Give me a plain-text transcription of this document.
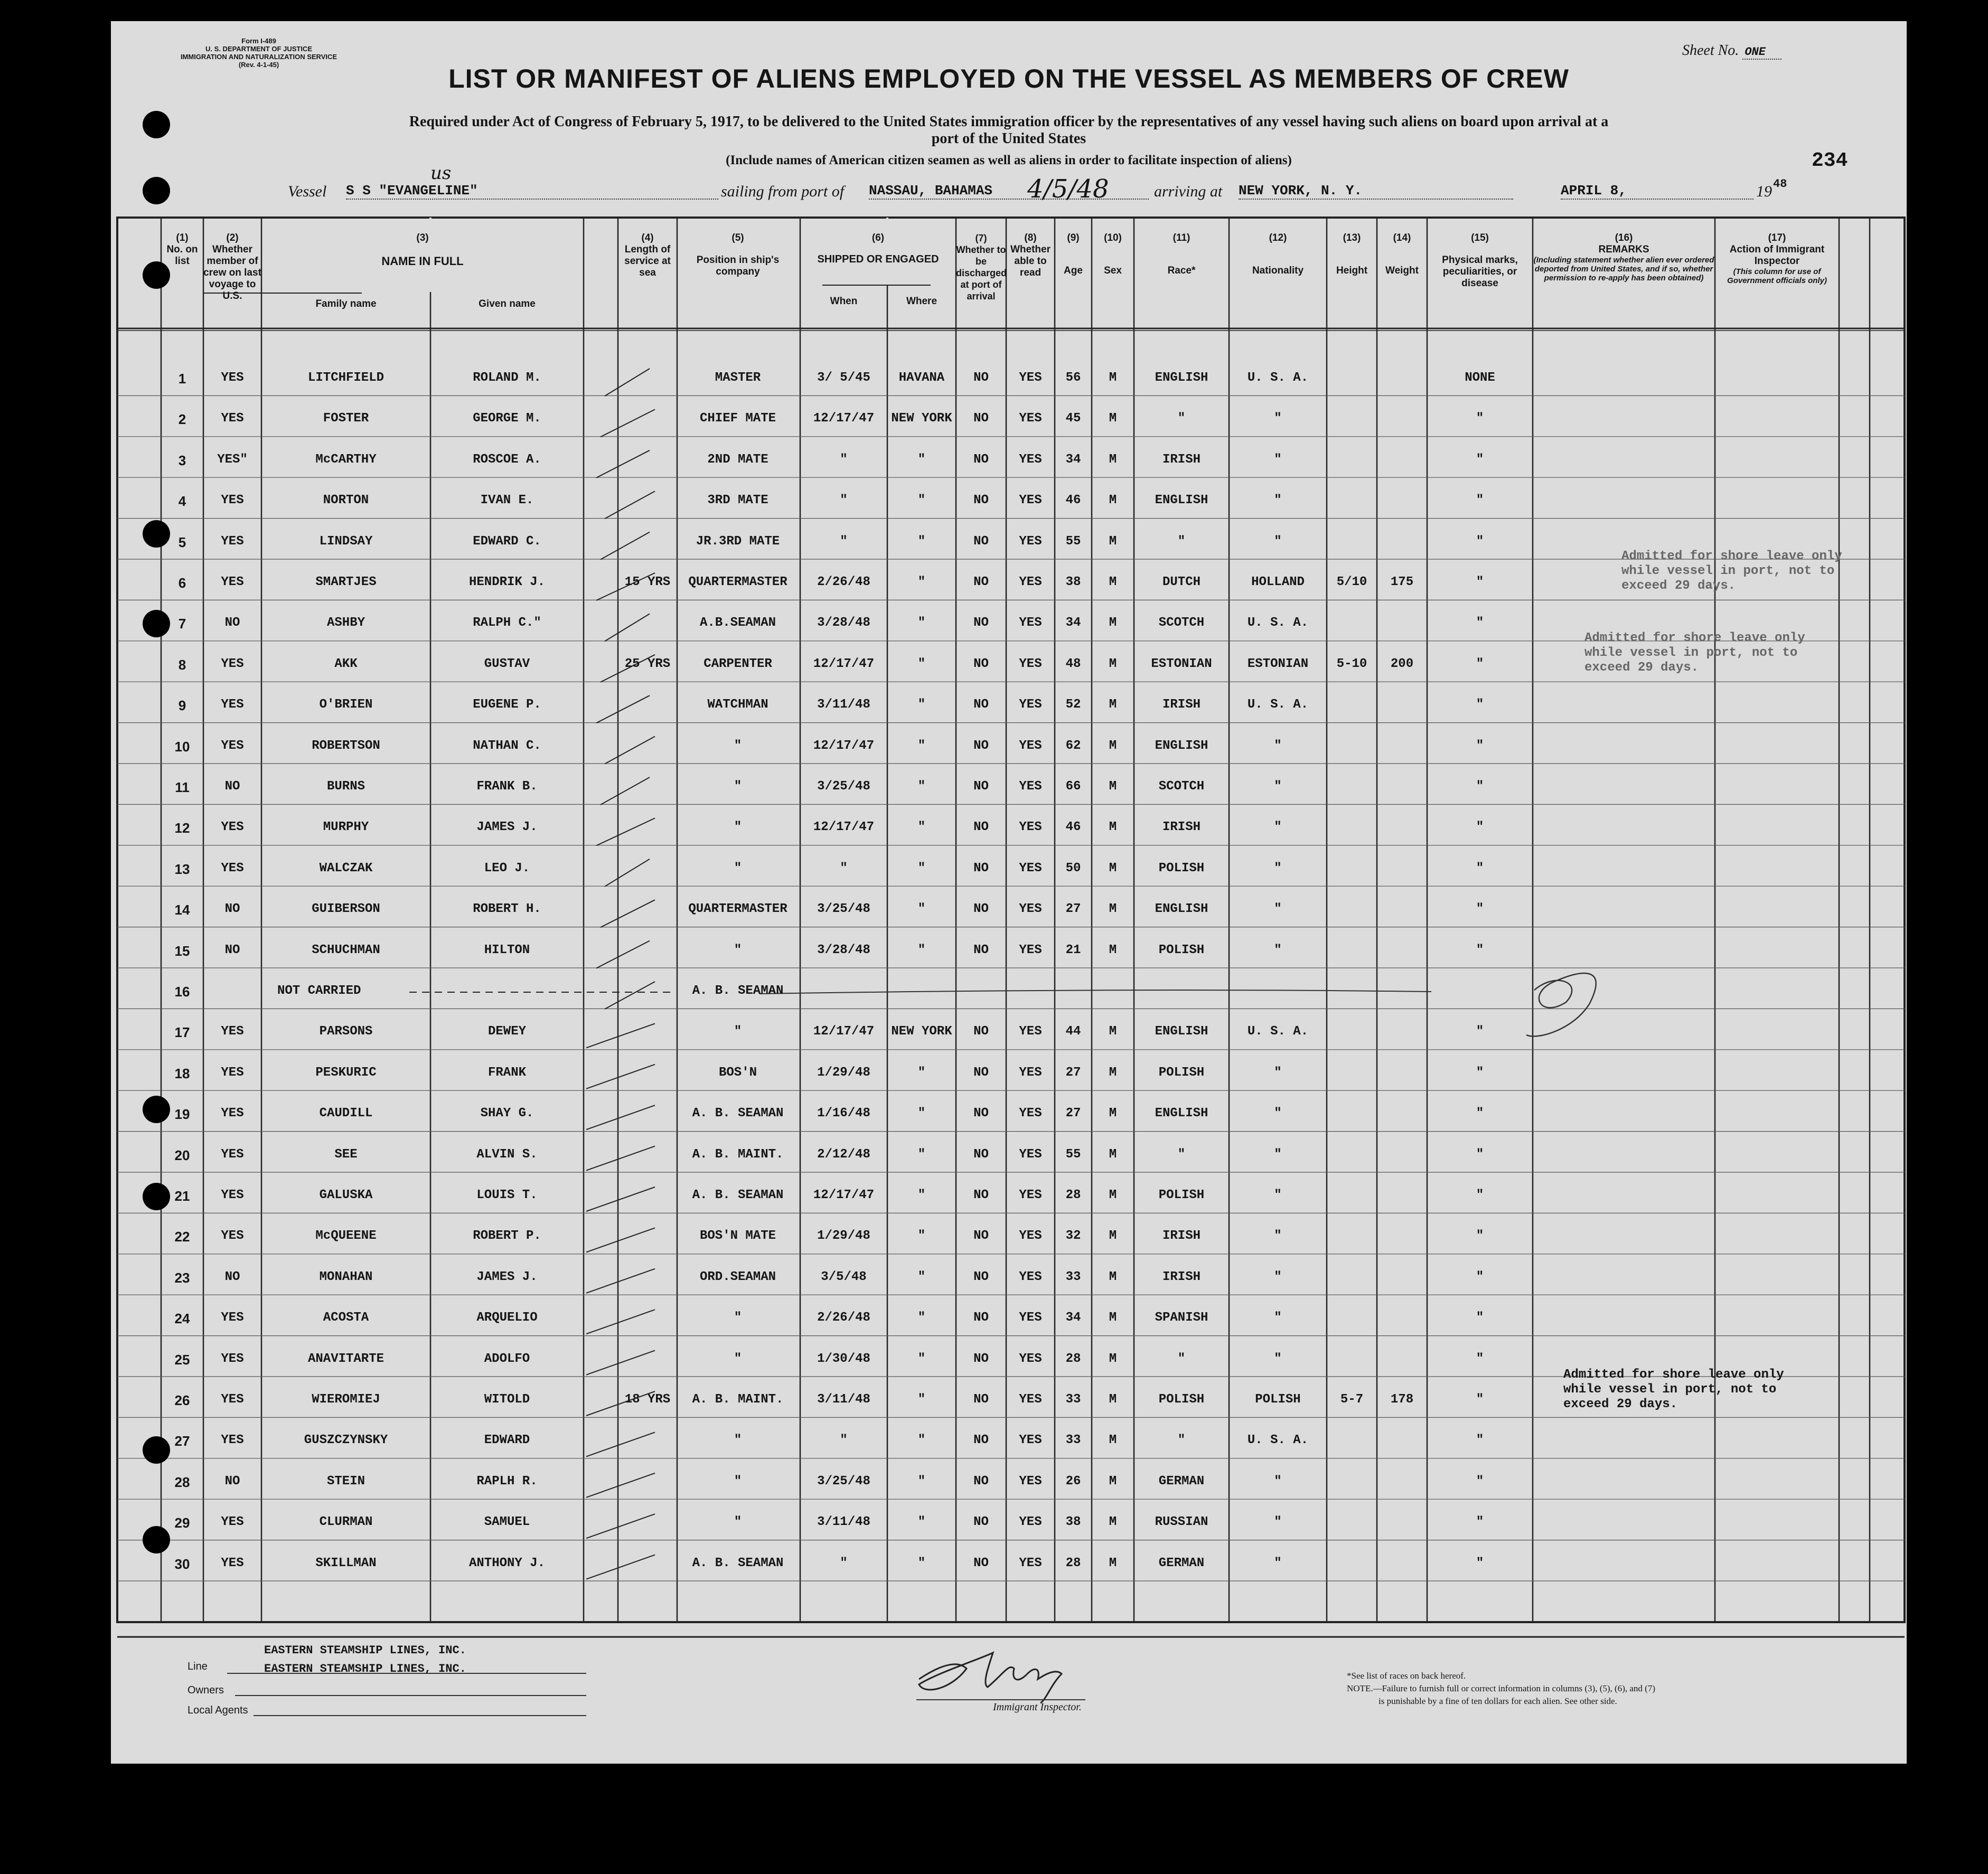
Form I-489
U. S. DEPARTMENT OF JUSTICE
IMMIGRATION AND NATURALIZATION SERVICE
(Rev. 4-1-45)
Sheet No. ONE
LIST OR MANIFEST OF ALIENS EMPLOYED ON THE VESSEL AS MEMBERS OF CREW
Required under Act of Congress of February 5, 1917, to be delivered to the United States immigration officer by the representatives of any vessel having such aliens on board upon arrival at a
port of the United States
(Include names of American citizen seamen as well as aliens in order to facilitate inspection of aliens)	234
Vessel
us
S S "EVANGELINE"	sailing from port of NASSAU, BAHAMAS	4/5/48	arriving at NEW YORK, N. Y.	APRIL 8,	19 48
(1)
No. on list
(2)
Whether member of crew on last voyage to U.S.
(3)
NAME IN FULL
Family name	Given name
(4)
Length of service at sea
(5)
Position in ship's company
(6)
SHIPPED OR ENGAGED
When	Where
(7)
Whether to be discharged at port of arrival
(8)
Whether able to read
(9)
Age
(10)
Sex
(11)
Race*
(12)
Nationality
(13)
Height
(14)
Weight
(15)
Physical marks, peculiarities, or disease
(16)
REMARKS
(Including statement whether alien ever ordered deported from United States, and if so, whether permission to re-apply has been obtained)
(17)
Action of Immigrant Inspector
(This column for use of Government officials only)
1	YES	LITCHFIELD	ROLAND M.	MASTER	3/ 5/45	HAVANA	NO	YES	56	M	ENGLISH	U. S. A.	NONE
2	YES	FOSTER	GEORGE M.	CHIEF MATE	12/17/47	NEW YORK	NO	YES	45	M	"	"	"
3	YES"	McCARTHY	ROSCOE A.	2ND MATE	"	"	NO	YES	34	M	IRISH	"	"
4	YES	NORTON	IVAN E.	3RD MATE	"	"	NO	YES	46	M	ENGLISH	"	"
5	YES	LINDSAY	EDWARD C.	JR.3RD MATE	"	"	NO	YES	55	M	"	"	"
6	YES	SMARTJES	HENDRIK J.	15 YRS	QUARTERMASTER	2/26/48	"	NO	YES	38	M	DUTCH	HOLLAND	5/10	175	"
7	NO	ASHBY	RALPH C."	A.B.SEAMAN	3/28/48	"	NO	YES	34	M	SCOTCH	U. S. A.	"
8	YES	AKK	GUSTAV	25 YRS	CARPENTER	12/17/47	"	NO	YES	48	M	ESTONIAN	ESTONIAN	5-10	200	"
9	YES	O'BRIEN	EUGENE P.	WATCHMAN	3/11/48	"	NO	YES	52	M	IRISH	U. S. A.	"
10	YES	ROBERTSON	NATHAN C.	"	12/17/47	"	NO	YES	62	M	ENGLISH	"	"
11	NO	BURNS	FRANK B.	"	3/25/48	"	NO	YES	66	M	SCOTCH	"	"
12	YES	MURPHY	JAMES J.	"	12/17/47	"	NO	YES	46	M	IRISH	"	"
13	YES	WALCZAK	LEO J.	"	"	"	NO	YES	50	M	POLISH	"	"
14	NO	GUIBERSON	ROBERT H.	QUARTERMASTER	3/25/48	"	NO	YES	27	M	ENGLISH	"	"
15	NO	SCHUCHMAN	HILTON	"	3/28/48	"	NO	YES	21	M	POLISH	"	"
16	NOT CARRIED	A. B. SEAMAN
17	YES	PARSONS	DEWEY	"	12/17/47	NEW YORK	NO	YES	44	M	ENGLISH	U. S. A.	"
18	YES	PESKURIC	FRANK	BOS'N	1/29/48	"	NO	YES	27	M	POLISH	"	"
19	YES	CAUDILL	SHAY G.	A. B. SEAMAN	1/16/48	"	NO	YES	27	M	ENGLISH	"	"
20	YES	SEE	ALVIN S.	A. B. MAINT.	2/12/48	"	NO	YES	55	M	"	"	"
21	YES	GALUSKA	LOUIS T.	A. B. SEAMAN	12/17/47	"	NO	YES	28	M	POLISH	"	"
22	YES	McQUEENE	ROBERT P.	BOS'N MATE	1/29/48	"	NO	YES	32	M	IRISH	"	"
23	NO	MONAHAN	JAMES J.	ORD.SEAMAN	3/5/48	"	NO	YES	33	M	IRISH	"	"
24	YES	ACOSTA	ARQUELIO	"	2/26/48	"	NO	YES	34	M	SPANISH	"	"
25	YES	ANAVITARTE	ADOLFO	"	1/30/48	"	NO	YES	28	M	"	"	"
26	YES	WIEROMIEJ	WITOLD	18 YRS	A. B. MAINT.	3/11/48	"	NO	YES	33	M	POLISH	POLISH	5-7	178	"
27	YES	GUSZCZYNSKY	EDWARD	"	"	"	NO	YES	33	M	"	U. S. A.	"
28	NO	STEIN	RAPLH R.	"	3/25/48	"	NO	YES	26	M	GERMAN	"	"
29	YES	CLURMAN	SAMUEL	"	3/11/48	"	NO	YES	38	M	RUSSIAN	"	"
30	YES	SKILLMAN	ANTHONY J.	A. B. SEAMAN	"	"	NO	YES	28	M	GERMAN	"	"
Admitted for shore leave only
while vessel in port, not to
exceed 29 days.
Admitted for shore leave only
while vessel in port, not to
exceed 29 days.
Admitted for shore leave only
while vessel in port, not to
exceed 29 days.
EASTERN STEAMSHIP LINES, INC.
Line	EASTERN STEAMSHIP LINES, INC.
Owners
Local Agents	Immigrant Inspector.
*See list of races on back hereof.
NOTE.—Failure to furnish full or correct information in columns (3), (5), (6), and (7)
is punishable by a fine of ten dollars for each alien. See other side.
